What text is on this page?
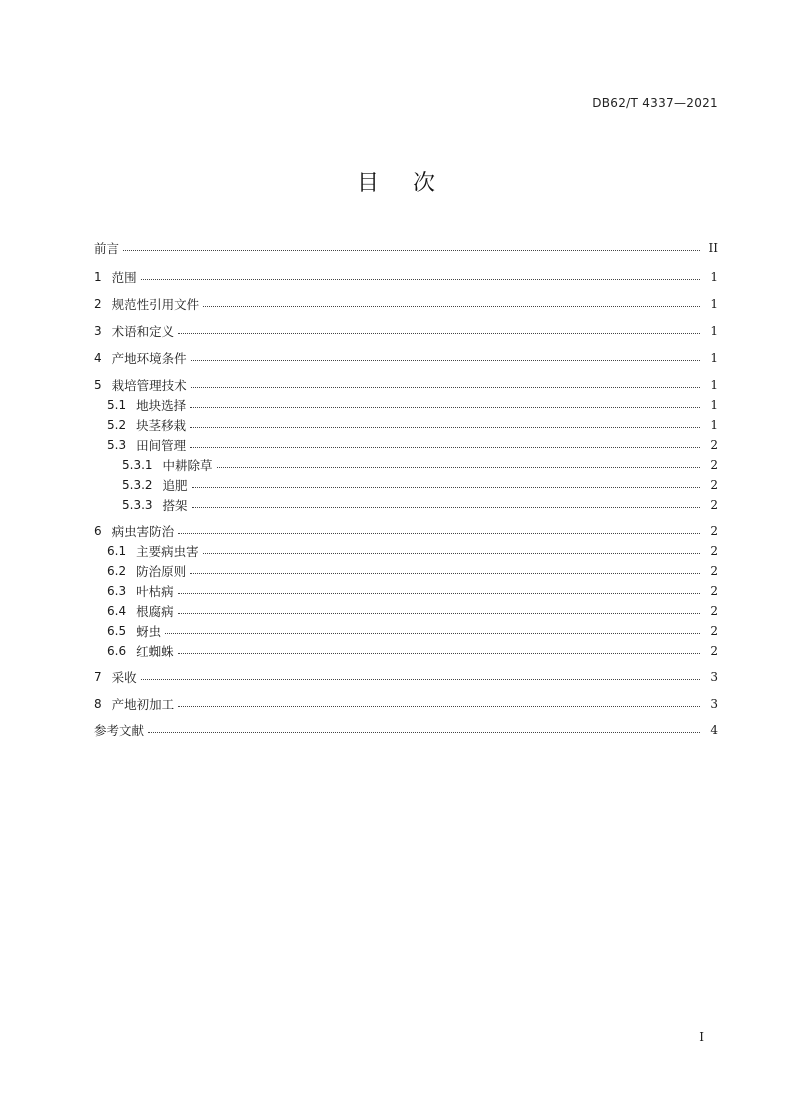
DB62/T 4337—2021
目次
前言	II
1 范围	1
2 规范性引用文件	1
3 术语和定义	1
4 产地环境条件	1
5 栽培管理技术	1
5.1 地块选择	1
5.2 块茎移栽	1
5.3 田间管理	2
5.3.1 中耕除草	2
5.3.2 追肥	2
5.3.3 搭架	2
6 病虫害防治	2
6.1 主要病虫害	2
6.2 防治原则	2
6.3 叶枯病	2
6.4 根腐病	2
6.5 蚜虫	2
6.6 红蜘蛛	2
7 采收	3
8 产地初加工	3
参考文献	4
I
